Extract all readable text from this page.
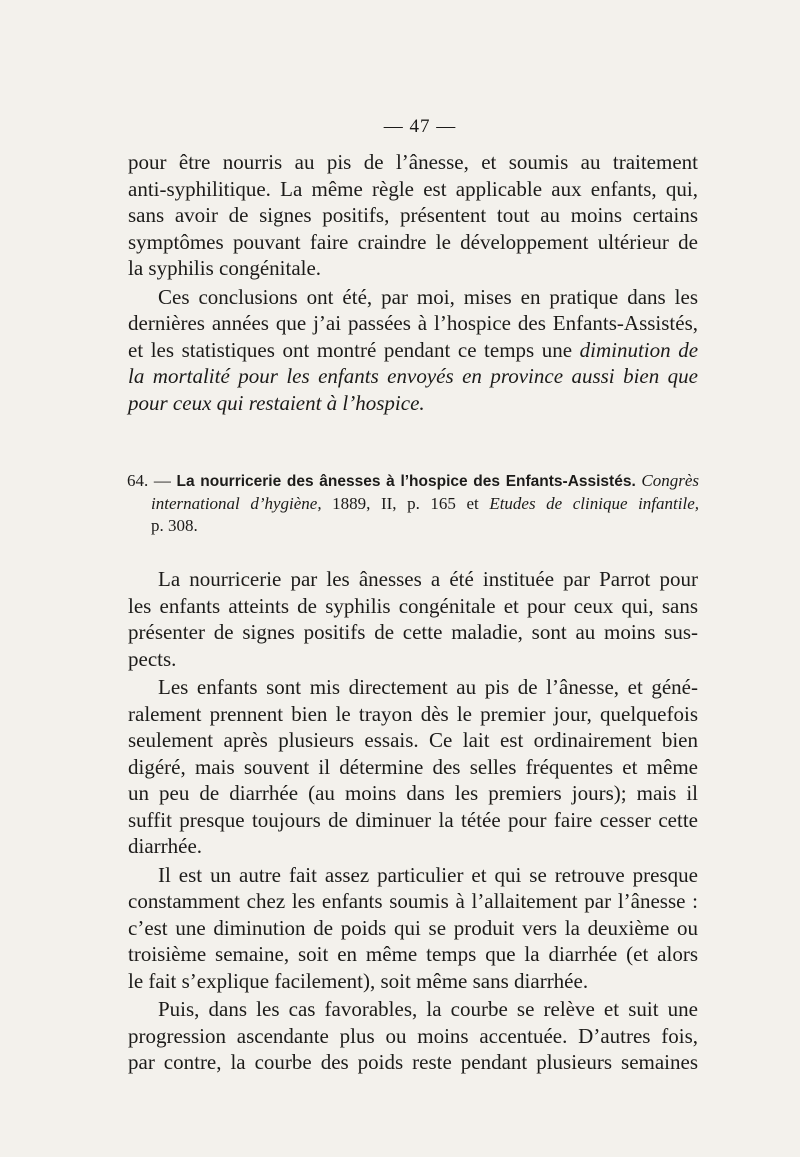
— 47 —

pour être nourris au pis de l’ânesse, et soumis au traitement
anti-syphilitique. La même règle est applicable aux enfants, qui,
sans avoir de signes positifs, présentent tout au moins certains
symptômes pouvant faire craindre le développement ultérieur de
la syphilis congénitale.

Ces conclusions ont été, par moi, mises en pratique dans les
dernières années que j’ai passées à l’hospice des Enfants-Assistés,
et les statistiques ont montré pendant ce temps une diminution de
la mortalité pour les enfants envoyés en province aussi bien que
pour ceux qui restaient à l’hospice.

64. — La nourricerie des ânesses à l’hospice des Enfants-Assistés. Congrès
international d’hygiène, 1889, II, p. 165 et Etudes de clinique infantile,
p. 308.

La nourricerie par les ânesses a été instituée par Parrot pour
les enfants atteints de syphilis congénitale et pour ceux qui, sans
présenter de signes positifs de cette maladie, sont au moins sus-
pects.

Les enfants sont mis directement au pis de l’ânesse, et géné-
ralement prennent bien le trayon dès le premier jour, quelquefois
seulement après plusieurs essais. Ce lait est ordinairement bien
digéré, mais souvent il détermine des selles fréquentes et même
un peu de diarrhée (au moins dans les premiers jours); mais il
suffit presque toujours de diminuer la tétée pour faire cesser cette
diarrhée.

Il est un autre fait assez particulier et qui se retrouve presque
constamment chez les enfants soumis à l’allaitement par l’ânesse :
c’est une diminution de poids qui se produit vers la deuxième ou
troisième semaine, soit en même temps que la diarrhée (et alors
le fait s’explique facilement), soit même sans diarrhée.

Puis, dans les cas favorables, la courbe se relève et suit une
progression ascendante plus ou moins accentuée. D’autres fois,
par contre, la courbe des poids reste pendant plusieurs semaines
